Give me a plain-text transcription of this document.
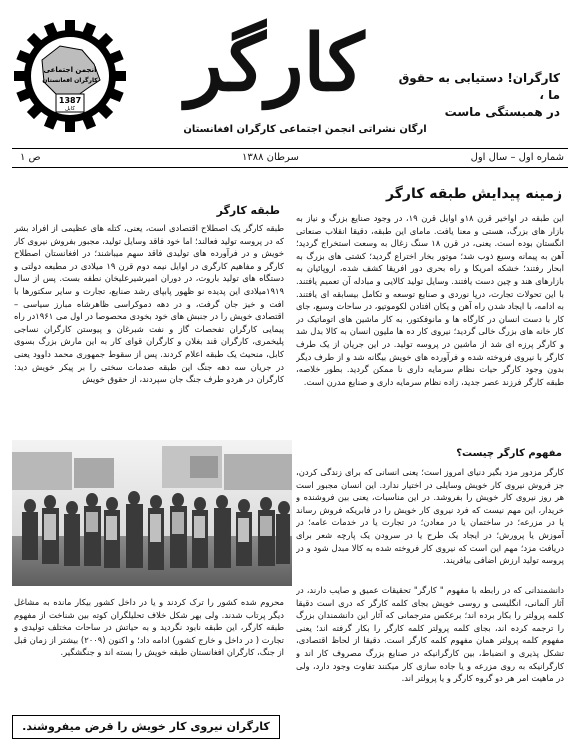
انجمن اجتماعی
کارگران افغانستان
1387
کابل	کارگر	کارگران! دستیابی به حقوق ما ،
در همبستگی ماست
ارگان نشراتی انجمن اجتماعی کارگران افغانستان
شماره اول – سال اول
سرطان ۱۳۸۸
ص ۱
زمینه پیدایش طبقه کارگر

این طبقه در اواخیر قرن ۱۸و اوایل قرن ۱۹، در وجود صنایع بزرگ و نیاز به بازار های بزرگ، هستی و معنا یافت. مامای این طبقه، دقیقا انقلاب صنعاتی انگستان بوده است. یعنی، در قرن ۱۸ سنگ زغال به وسعت استخراج گردید؛ آهن به پیمانه وسیع ذوب شد؛ موتور بخار اختراع گردید؛ کشتی های بزرگ به ابحار رفتند؛ خشکه امریکا و راه بحری دور افریقا کشف شده، اروپائیان به بازارهای هند و چین دست یافتند. وسایل تولید کالایی و مبادله آن تعمیم یافتند. با این تحولات تجارت، درپا نوردی و صنایع توسعه و تکامل بیسابقه ای یافتند. به ادامه، با ایجاد شدن راه آهن و یکان افتادن لکوموتیو، در ساحات وسیع، جای کار با دست انسان در کارگاه ها و مانوفکتور، به کار ماشین های اتوماتیک در کار خانه های بزرگ خالی گردید؛ نیروی کار ده ها ملیون انسان به کالا بدل شد و کارگر پرزه ای شد از ماشین در پروسه تولید. در این جریان از یک طرف کارگر با نیروی فروخته شده و فرآورده های خویش بیگانه شد و از طرف دیگر بدون وجود کارگر حیات نظام سرمایه داری نا ممکن گردید. بطور خلاصه، طبقه کارگر فرزند عصر جدید، زاده نظام سرمایه داری و صنایع مدرن است.

مفهوم کارگر چیست؟

کارگر مزدور مزد بگیر دنیای امروز است؛ یعنی انسانی که برای زندگی کردن، جز فروش نیروی کار خویش وسایلی در اختیار ندارد. این انسان مجبور است هر روز نیروی کار خویش را بفروشد. در این مناسبات، یعنی بین فروشنده و خریدار، این مهم نیست که فرد نیروی کار خویش را در فابریکه فروش رساند یا در مزرعه؛ در ساختمان یا در معادن؛ در تجارت یا در خدمات عامه؛ در آموزش یا پرورش؛ در ایجاد یک طرح یا در سرودن یک پارچه شعر برای دریافت مزد؛ مهم این است که نیروی کار فروخته شده به کالا مبدل شود و در پروسه تولید ارزش اضافی بیافریند.

دانشمندانی که در رابطه با مفهوم " کارگر" تحقیقات عمیق و صایب دارند، در آثار آلمانی، انگلیسی و روسی خویش بجای کلمه کارگر که دری است دقیقا کلمه پرولتر را بکار برده اند؛ برعکس مترجمانی که آثار این دانشمندان بزرگ را ترجمه کرده اند، بجای کلمه پرولتر کلمه کارگر را بکار گرفته اند؛ یعنی مفهوم کلمه پرولتر همان مفهوم کلمه کارگر است. دقیقا از لحاظ اقتصادی، تشکل پذیری و انضباط، بین کارگرانیکه در صنایع بزرگ مصروف کار اند و کارگرانیکه به روی مزرعه و یا جاده سازی کار میکنند تفاوت وجود دارد، ولی در ماهیت امر هر دو گروه کارگر و یا پرولتر اند.

طبقه کارگر

طبقه کارگر یک اصطلاح اقتصادی است، یعنی، کتله های عظیمی از افراد بشر که در پروسه تولید فعالند؛ اما خود فاقد وسایل تولید، مجبور بفروش نیروی کار خویش و در فرآورده های تولیدی فاقد سهم میباشند؛ در افغانستان اصطلاح کارگر و مفاهیم کارگری در اوایل نیمه دوم قرن ۱۹ میلادی در مطبعه دولتی و دستگاه های تولید باروت، در دوران امیرشیرعلیخان نطفه بست. پس از سال ۱۹۱۹میلادی این پدیده نو ظهور پابپای رشد صنایع، تجارت و سایر سکتورها با افت و خیز جان گرفت، و در دهه دموکراسی ظاهرشاه مبارز سیاسی – اقتصادی خویش را در جنبش های خود بخودی محصوصا در اول می ۱۹۶۱در راه پیمایی کارگران تفحصات گاز و نفت شبرغان و پیوستن کارگران نساجی پلیخمری، کارگران قند بغلان و کارگران قوای کار به این مارش بزرگ بسوی کابل، منحیث یک طبقه اعلام کردند. پس از سقوط جمهوری محمد داوود یعنی در جریان سه دهه جنگ این طبقه صدمات سختی را بر پیکر خویش دید: کارگران در هردو طرف جنگ جان سپردند، از حقوق خویش

محروم شده کشور را ترک کردند و یا در داخل کشور بیکار مانده به مشاغل دیگر پرتاب شدند. ولی بهر شکل خلاف تحلیلگران کوته بین شناخت از مفهوم طبقه کارگر، این طبقه نابود نگردید و به حیاتش در ساحات مختلف تولیدی و تجارت ( در داخل و خارج کشور) ادامه داد؛ و اکنون (۲۰۰۹) بیشتر از زمان قبل از جنگ، کارگران افغانستان طبقه خویش را بسته اند و جنگشگیر.

کارگران نیروی کار خویش را قرض میفروشند.
